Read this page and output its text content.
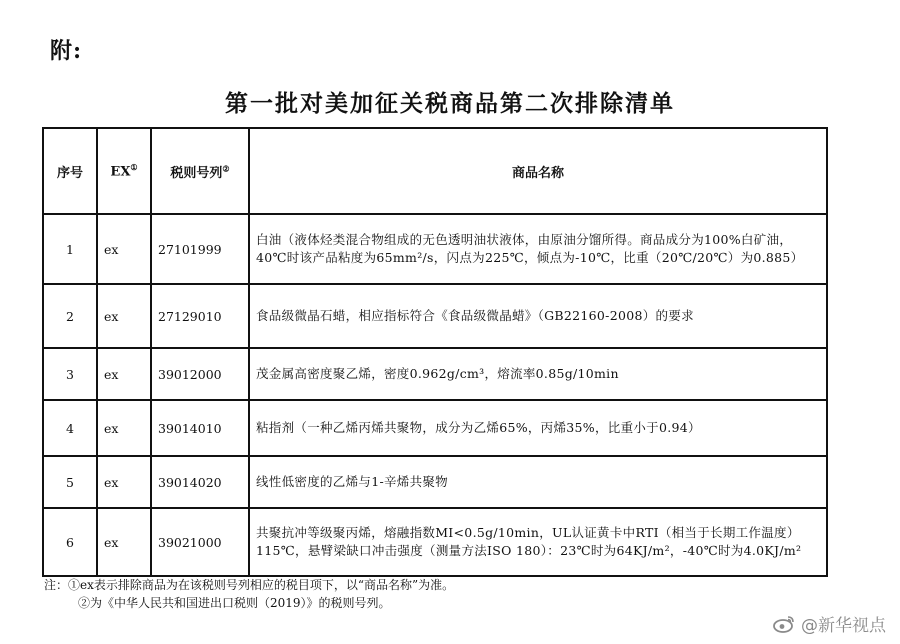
附:
第一批对美加征关税商品第二次排除清单
序号	EX①	税则号列②	商品名称
1	ex	27101999	白油（液体烃类混合物组成的无色透明油状液体，由原油分馏所得。商品成分为100%白矿油，40℃时该产品粘度为65mm²/s，闪点为225℃，倾点为-10℃，比重（20℃/20℃）为0.885）
2	ex	27129010	食品级微晶石蜡，相应指标符合《食品级微晶蜡》（GB22160-2008）的要求
3	ex	39012000	茂金属高密度聚乙烯，密度0.962g/cm³，熔流率0.85g/10min
4	ex	39014010	粘指剂（一种乙烯丙烯共聚物，成分为乙烯65%，丙烯35%，比重小于0.94）
5	ex	39014020	线性低密度的乙烯与1-辛烯共聚物
6	ex	39021000	共聚抗冲等级聚丙烯，熔融指数MI<0.5g/10min，UL认证黄卡中RTI（相当于长期工作温度）115℃，悬臂梁缺口冲击强度（测量方法ISO 180）：23℃时为64KJ/m²，-40℃时为4.0KJ/m²
注：①ex表示排除商品为在该税则号列相应的税目项下，以“商品名称”为准。
②为《中华人民共和国进出口税则（2019）》的税则号列。
@新华视点
